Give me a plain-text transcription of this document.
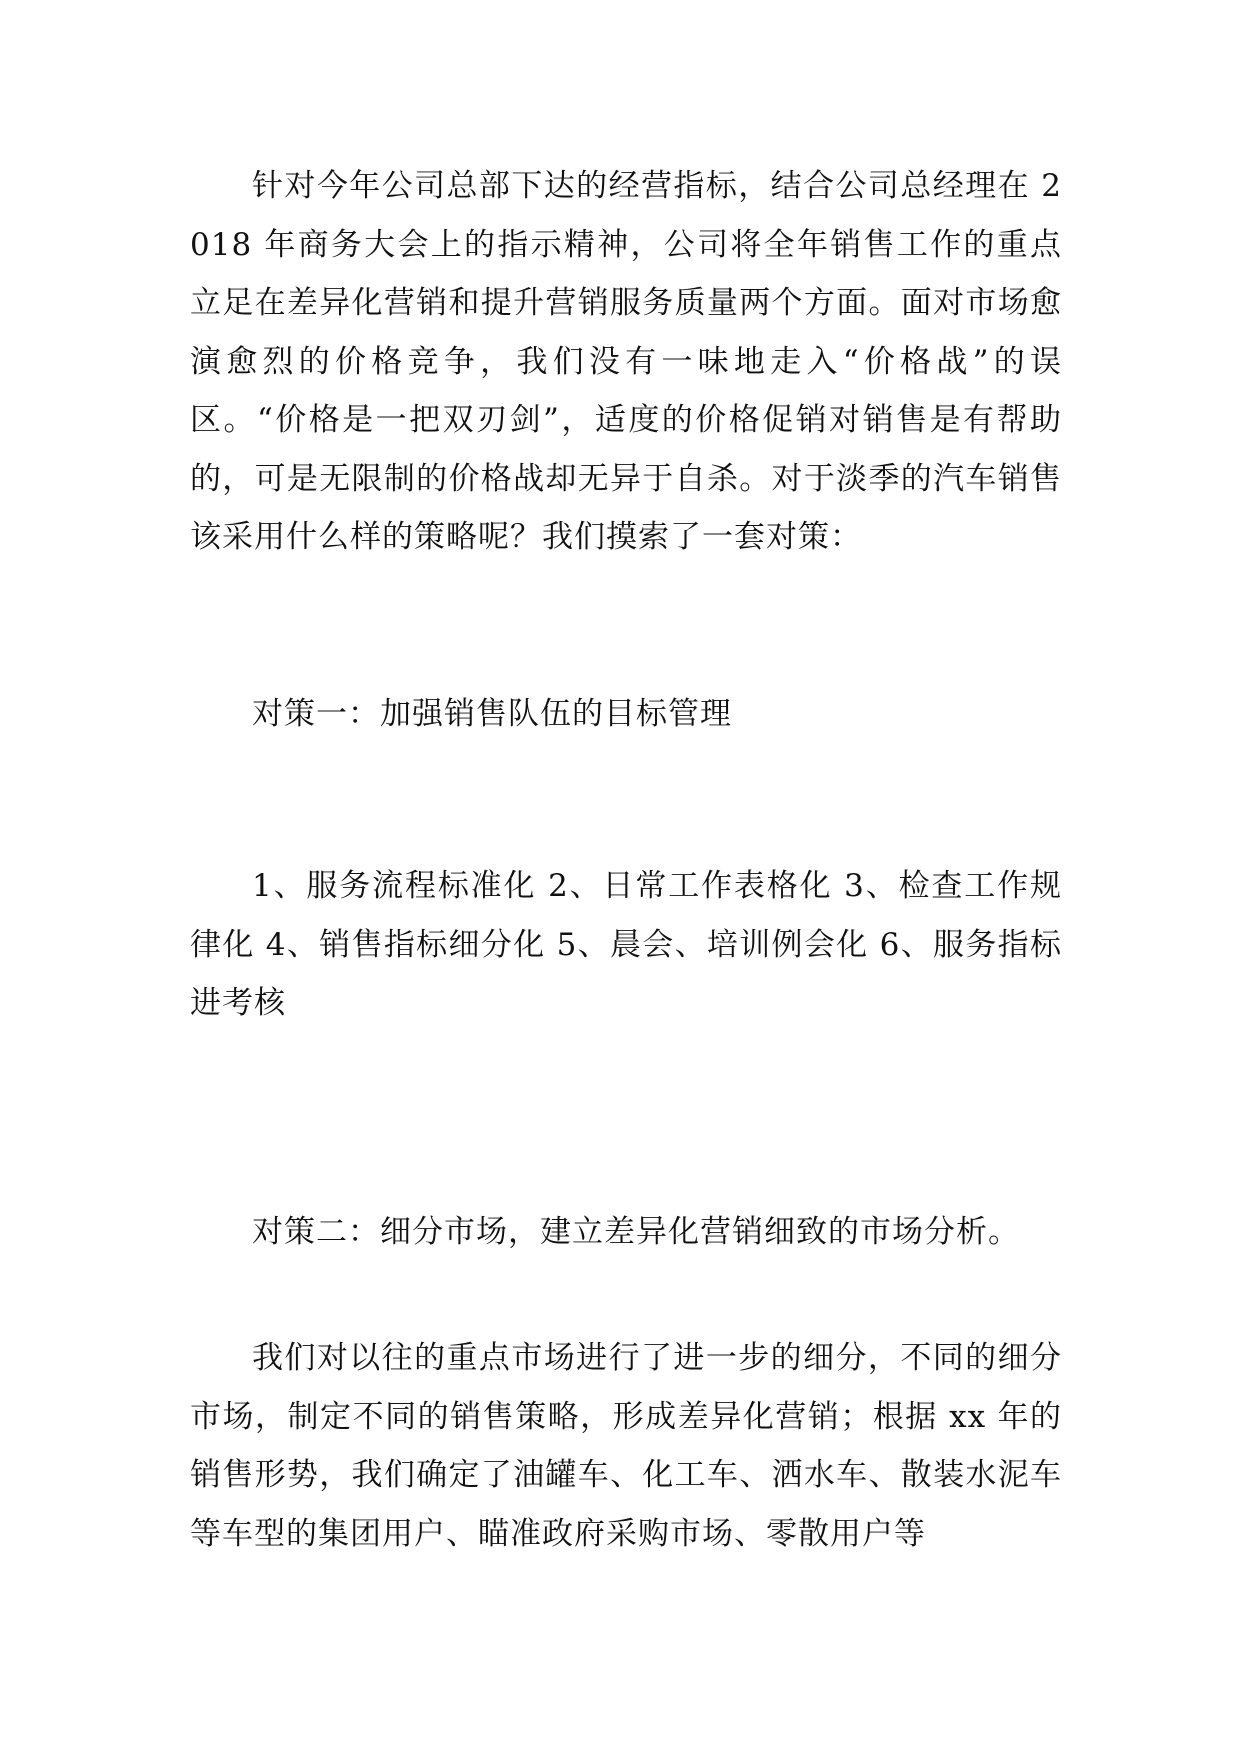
针对今年公司总部下达的经营指标，结合公司总经理在 2018 年商务大会上的指示精神，公司将全年销售工作的重点立足在差异化营销和提升营销服务质量两个方面。面对市场愈演愈烈的价格竞争，我们没有一味地走入“价格战”的误区。“价格是一把双刃剑”，适度的价格促销对销售是有帮助的，可是无限制的价格战却无异于自杀。对于淡季的汽车销售该采用什么样的策略呢？我们摸索了一套对策：

对策一：加强销售队伍的目标管理

1、服务流程标准化 2、日常工作表格化 3、检查工作规律化 4、销售指标细分化 5、晨会、培训例会化 6、服务指标进考核

对策二：细分市场，建立差异化营销细致的市场分析。

我们对以往的重点市场进行了进一步的细分，不同的细分市场，制定不同的销售策略，形成差异化营销；根据 xx 年的销售形势，我们确定了油罐车、化工车、洒水车、散装水泥车等车型的集团用户、瞄准政府采购市场、零散用户等
